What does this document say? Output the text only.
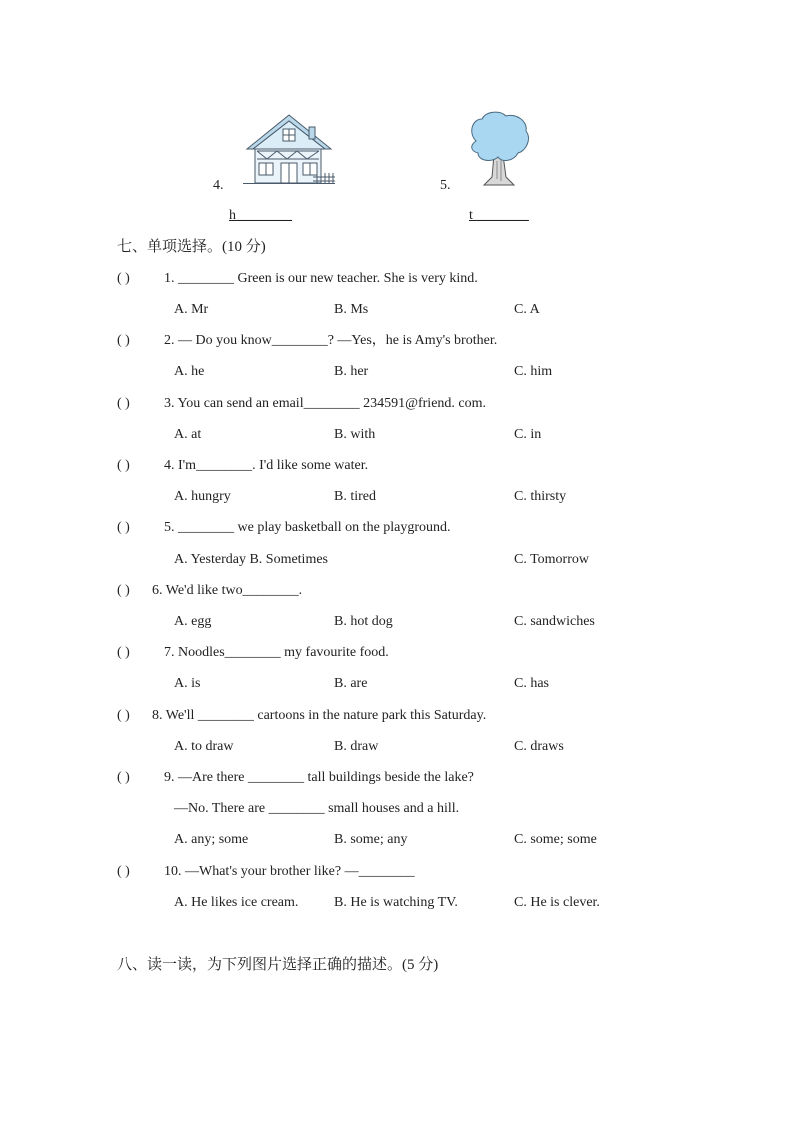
4.
h________
5.
t________
七、单项选择。(10 分)
( ) 1. ________ Green is our new teacher. She is very kind.
A. Mr	B. Ms	C. A
( ) 2. — Do you know________? —Yes，he is Amy's brother.
A. he	B. her	C. him
( ) 3. You can send an email________ 234591@friend. com.
A. at	B. with	C. in
( ) 4. I'm________. I'd like some water.
A. hungry	B. tired	C. thirsty
( ) 5. ________ we play basketball on the playground.
A. Yesterday B. Sometimes	C. Tomorrow
( ) 6. We'd like two________.
A. egg	B. hot dog	C. sandwiches
( ) 7. Noodles________ my favourite food.
A. is	B. are	C. has
( ) 8. We'll ________ cartoons in the nature park this Saturday.
A. to draw	B. draw	C. draws
( ) 9. —Are there ________ tall buildings beside the lake?
—No. There are ________ small houses and a hill.
A. any; some	B. some; any	C. some; some
( ) 10. —What's your brother like? —________
A. He likes ice cream.	B. He is watching TV.	C. He is clever.
八、读一读，为下列图片选择正确的描述。(5 分)
